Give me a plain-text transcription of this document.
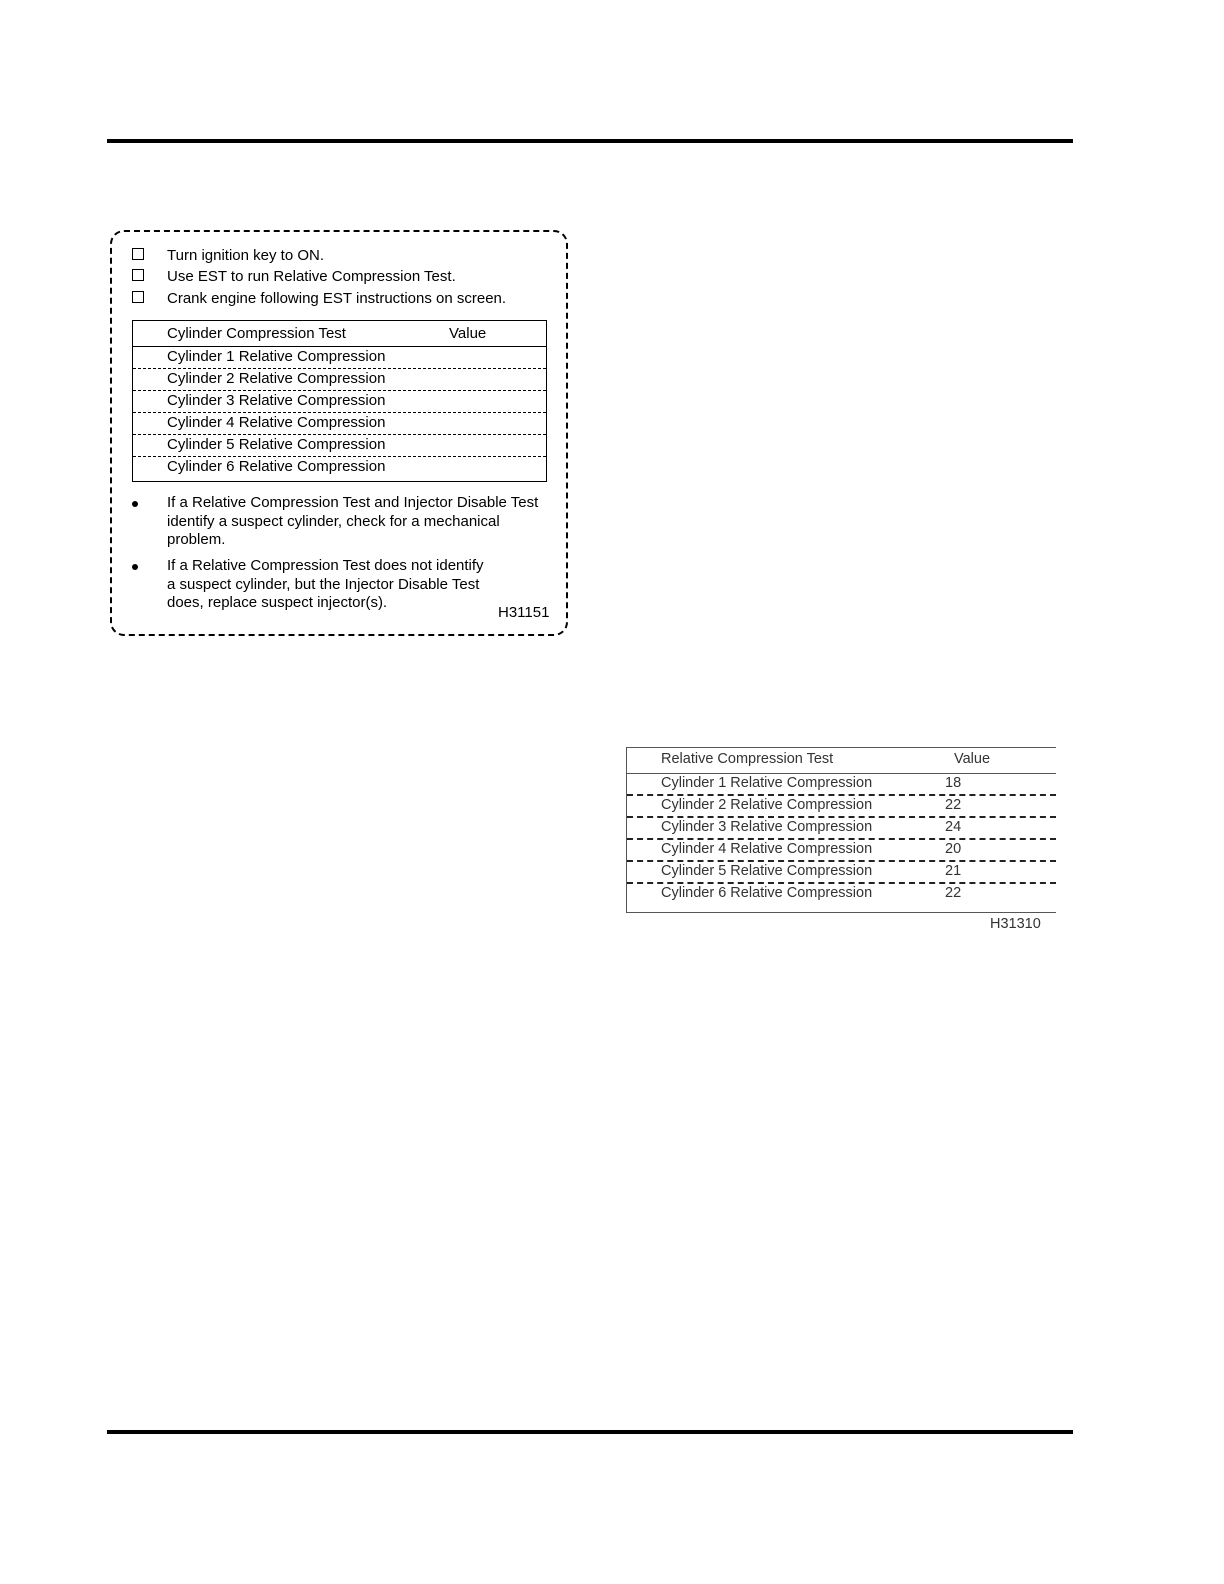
Turn ignition key to ON.
Use EST to run Relative Compression Test.
Crank engine following EST instructions on screen.
Cylinder Compression Test	Value
Cylinder 1 Relative Compression
Cylinder 2 Relative Compression
Cylinder 3 Relative Compression
Cylinder 4 Relative Compression
Cylinder 5 Relative Compression
Cylinder 6 Relative Compression
If a Relative Compression Test and Injector Disable Test identify a suspect cylinder, check for a mechanical problem.
If a Relative Compression Test does not identify a suspect cylinder, but the Injector Disable Test does, replace suspect injector(s).
H31151
Relative Compression Test	Value
Cylinder 1 Relative Compression	18
Cylinder 2 Relative Compression	22
Cylinder 3 Relative Compression	24
Cylinder 4 Relative Compression	20
Cylinder 5 Relative Compression	21
Cylinder 6 Relative Compression	22
H31310
